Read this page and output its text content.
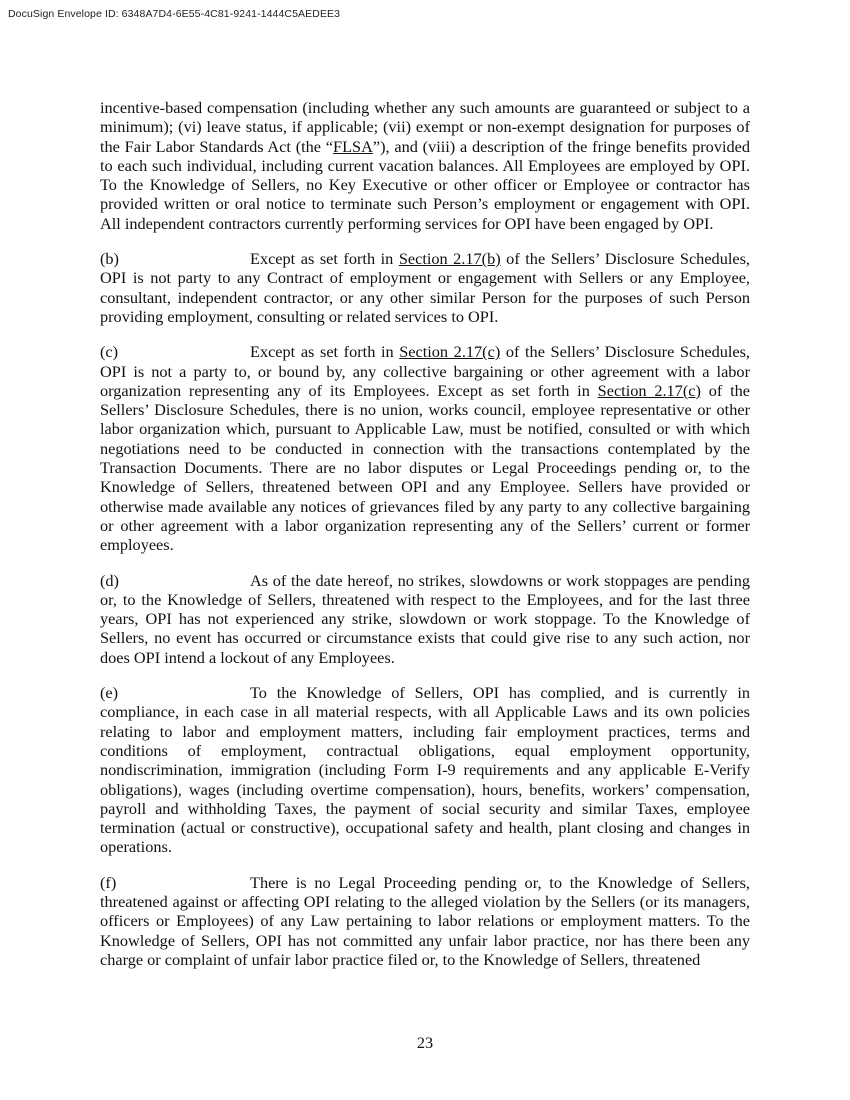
DocuSign Envelope ID: 6348A7D4-6E55-4C81-9241-1444C5AEDEE3

incentive-based compensation (including whether any such amounts are guaranteed or subject to a minimum); (vi) leave status, if applicable; (vii) exempt or non-exempt designation for purposes of the Fair Labor Standards Act (the “FLSA”), and (viii) a description of the fringe benefits provided to each such individual, including current vacation balances. All Employees are employed by OPI. To the Knowledge of Sellers, no Key Executive or other officer or Employee or contractor has provided written or oral notice to terminate such Person’s employment or engagement with OPI. All independent contractors currently performing services for OPI have been engaged by OPI.

(b)	Except as set forth in Section 2.17(b) of the Sellers’ Disclosure Schedules, OPI is not party to any Contract of employment or engagement with Sellers or any Employee, consultant, independent contractor, or any other similar Person for the purposes of such Person providing employment, consulting or related services to OPI.

(c)	Except as set forth in Section 2.17(c) of the Sellers’ Disclosure Schedules, OPI is not a party to, or bound by, any collective bargaining or other agreement with a labor organization representing any of its Employees. Except as set forth in Section 2.17(c) of the Sellers’ Disclosure Schedules, there is no union, works council, employee representative or other labor organization which, pursuant to Applicable Law, must be notified, consulted or with which negotiations need to be conducted in connection with the transactions contemplated by the Transaction Documents. There are no labor disputes or Legal Proceedings pending or, to the Knowledge of Sellers, threatened between OPI and any Employee. Sellers have provided or otherwise made available any notices of grievances filed by any party to any collective bargaining or other agreement with a labor organization representing any of the Sellers’ current or former employees.

(d)	As of the date hereof, no strikes, slowdowns or work stoppages are pending or, to the Knowledge of Sellers, threatened with respect to the Employees, and for the last three years, OPI has not experienced any strike, slowdown or work stoppage. To the Knowledge of Sellers, no event has occurred or circumstance exists that could give rise to any such action, nor does OPI intend a lockout of any Employees.

(e)	To the Knowledge of Sellers, OPI has complied, and is currently in compliance, in each case in all material respects, with all Applicable Laws and its own policies relating to labor and employment matters, including fair employment practices, terms and conditions of employment, contractual obligations, equal employment opportunity, nondiscrimination, immigration (including Form I-9 requirements and any applicable E-Verify obligations), wages (including overtime compensation), hours, benefits, workers’ compensation, payroll and withholding Taxes, the payment of social security and similar Taxes, employee termination (actual or constructive), occupational safety and health, plant closing and changes in operations.

(f)	There is no Legal Proceeding pending or, to the Knowledge of Sellers, threatened against or affecting OPI relating to the alleged violation by the Sellers (or its managers, officers or Employees) of any Law pertaining to labor relations or employment matters. To the Knowledge of Sellers, OPI has not committed any unfair labor practice, nor has there been any charge or complaint of unfair labor practice filed or, to the Knowledge of Sellers, threatened

23
